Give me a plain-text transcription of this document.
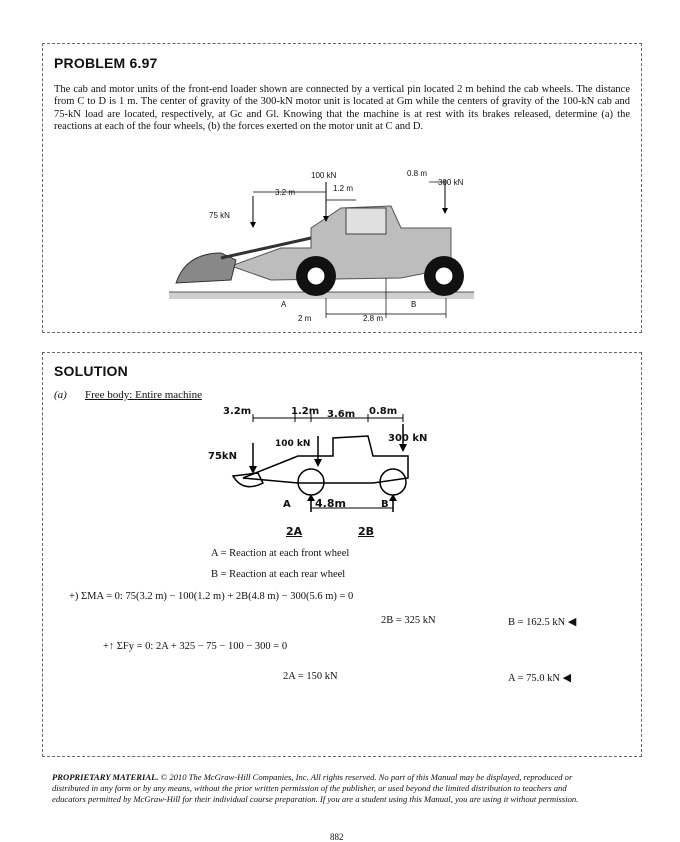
PROBLEM 6.97
The cab and motor units of the front-end loader shown are connected by a vertical pin located 2 m behind the cab wheels. The distance from C to D is 1 m. The center of gravity of the 300-kN motor unit is located at Gm while the centers of gravity of the 100-kN cab and 75-kN load are located, respectively, at Gc and Gl. Knowing that the machine is at rest with its brakes released, determine (a) the reactions at each of the four wheels, (b) the forces exerted on the motor unit at C and D.
100 kN
3.2 m	1.2 m
75 kN
0.8 m
300 kN
A	B
2 m	2.8 m
SOLUTION
(a) Free body: Entire machine
3.2m	1.2m 3.6m 0.8m
100 kN
75kN
300 kN
A	B
4.8m
2A	2B
A = Reaction at each front wheel
B = Reaction at each rear wheel
+) ΣMA = 0: 75(3.2 m) − 100(1.2 m) + 2B(4.8 m) − 300(5.6 m) = 0
2B = 325 kN	B = 162.5 kN ◀
+↑ ΣFy = 0: 2A + 325 − 75 − 100 − 300 = 0
2A = 150 kN	A = 75.0 kN ◀
PROPRIETARY MATERIAL. © 2010 The McGraw-Hill Companies, Inc. All rights reserved. No part of this Manual may be displayed, reproduced or distributed in any form or by any means, without the prior written permission of the publisher, or used beyond the limited distribution to teachers and educators permitted by McGraw-Hill for their individual course preparation. If you are a student using this Manual, you are using it without permission.
882
